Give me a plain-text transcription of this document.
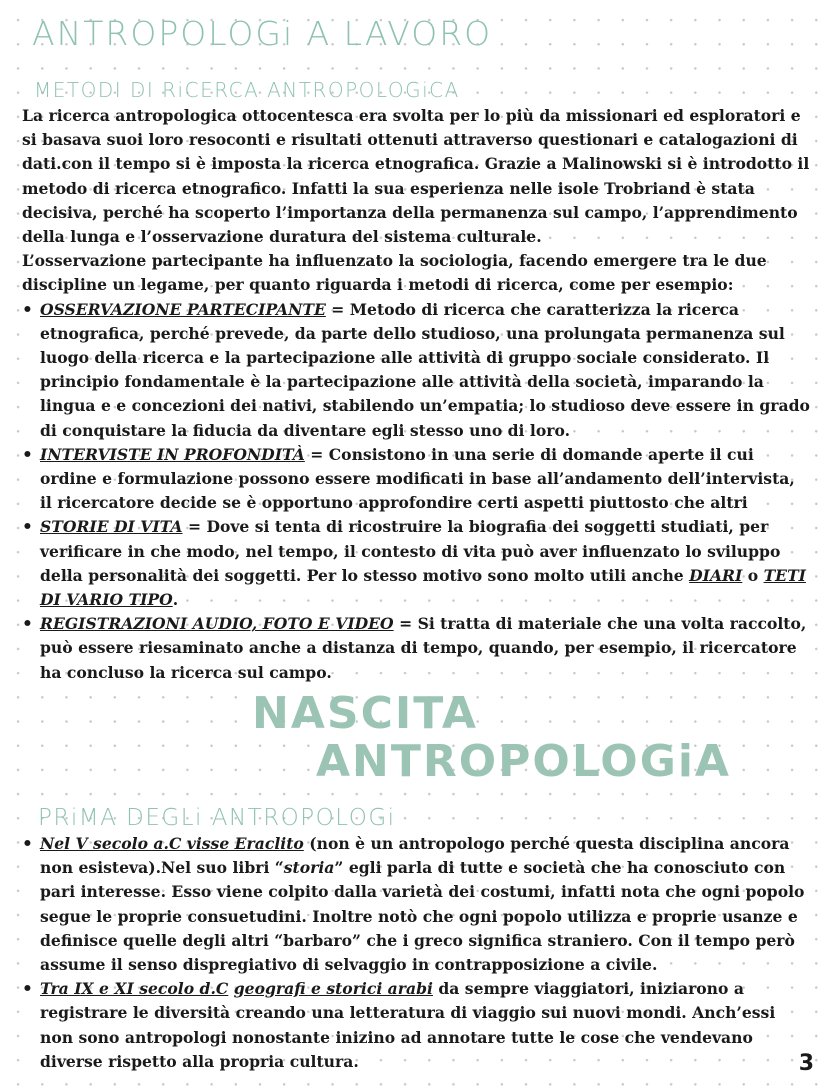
ANTROPOLOGi A LAVORO
METODI DI RiCERCA ANTROPOLOGiCA

La ricerca antropologica ottocentesca era svolta per lo più da missionari ed esploratori e si basava suoi loro resoconti e risultati ottenuti attraverso questionari e catalogazioni di dati.con il tempo si è imposta la ricerca etnografica. Grazie a Malinowski si è introdotto il metodo di ricerca etnografico. Infatti la sua esperienza nelle isole Trobriand è stata decisiva, perché ha scoperto l’importanza della permanenza sul campo, l’apprendimento della lunga e l’osservazione duratura del sistema culturale.

L’osservazione partecipante ha influenzato la sociologia, facendo emergere tra le due discipline un legame, per quanto riguarda i metodi di ricerca, come per esempio:

• OSSERVAZIONE PARTECIPANTE = Metodo di ricerca che caratterizza la ricerca etnografica, perché prevede, da parte dello studioso, una prolungata permanenza sul luogo della ricerca e la partecipazione alle attività di gruppo sociale considerato. Il principio fondamentale è la partecipazione alle attività della società, imparando la lingua e e concezioni dei nativi, stabilendo un’empatia; lo studioso deve essere in grado di conquistare la fiducia da diventare egli stesso uno di loro.
• INTERVISTE IN PROFONDITÀ = Consistono in una serie di domande aperte il cui ordine e formulazione possono essere modificati in base all’andamento dell’intervista, il ricercatore decide se è opportuno approfondire certi aspetti piuttosto che altri
• STORIE DI VITA = Dove si tenta di ricostruire la biografia dei soggetti studiati, per verificare in che modo, nel tempo, il contesto di vita può aver influenzato lo sviluppo della personalità dei soggetti. Per lo stesso motivo sono molto utili anche DIARI o TETI DI VARIO TIPO.
• REGISTRAZIONI AUDIO, FOTO E VIDEO = Si tratta di materiale che una volta raccolto, può essere riesaminato anche a distanza di tempo, quando, per esempio, il ricercatore ha concluso la ricerca sul campo.
NASCITA
ANTROPOLOGiA
PRiMA DEGLi ANTROPOLOGi
• Nel V secolo a.C visse Eraclito (non è un antropologo perché questa disciplina ancora non esisteva).Nel suo libri “storia” egli parla di tutte e società che ha conosciuto con pari interesse. Esso viene colpito dalla varietà dei costumi, infatti nota che ogni popolo segue le proprie consuetudini. Inoltre notò che ogni popolo utilizza e proprie usanze e definisce quelle degli altri “barbaro” che i greco significa straniero. Con il tempo però assume il senso dispregiativo di selvaggio in contrapposizione a civile.
• Tra IX e XI secolo d.C geografi e storici arabi da sempre viaggiatori, iniziarono a registrare le diversità creando una letteratura di viaggio sui nuovi mondi. Anch’essi non sono antropologi nonostante inizino ad annotare tutte le cose che vendevano diverse rispetto alla propria cultura.	3
